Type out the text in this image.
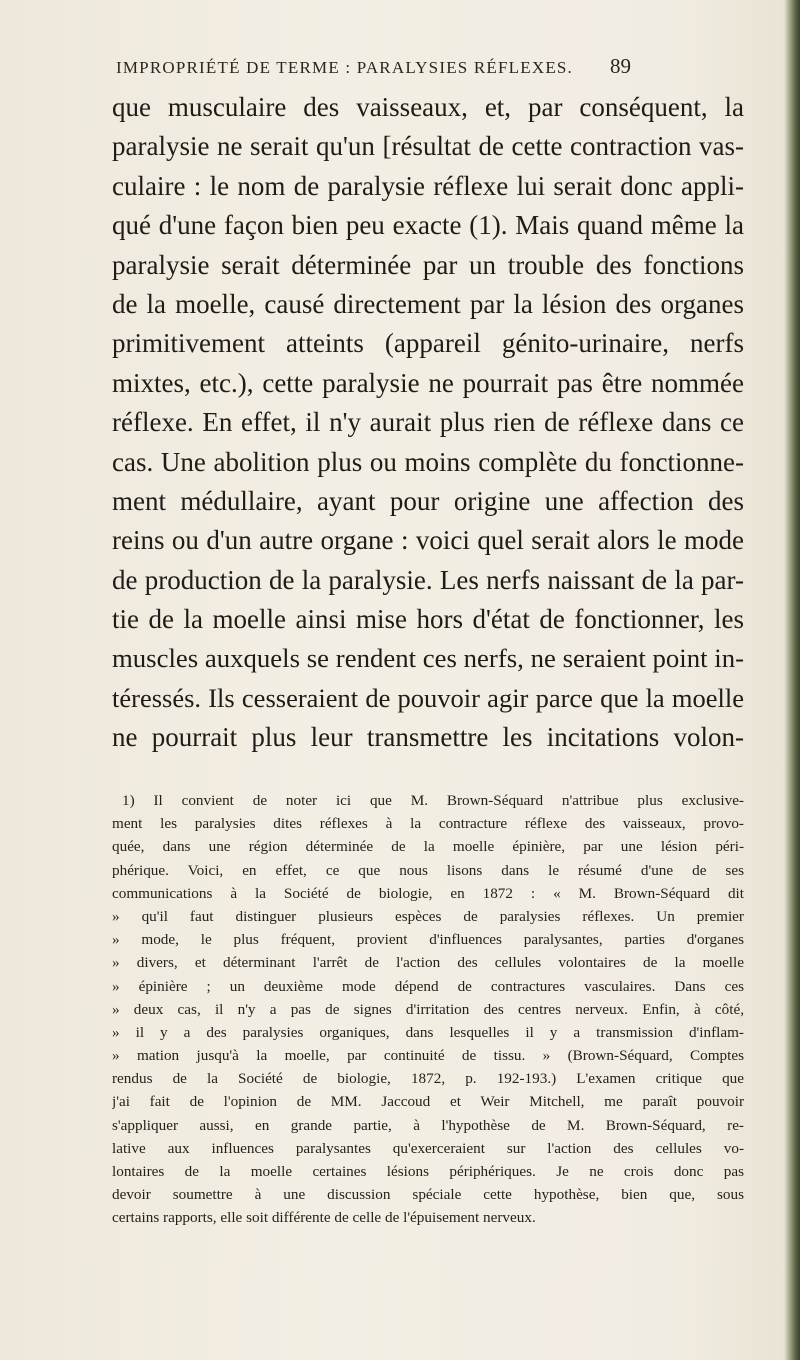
IMPROPRIÉTÉ DE TERME : PARALYSIES RÉFLEXES.	89
que musculaire des vaisseaux, et, par conséquent, la
paralysie ne serait qu'un [résultat de cette contraction vas-
culaire : le nom de paralysie réflexe lui serait donc appli-
qué d'une façon bien peu exacte (1). Mais quand même la
paralysie serait déterminée par un trouble des fonctions
de la moelle, causé directement par la lésion des organes
primitivement atteints (appareil génito-urinaire, nerfs
mixtes, etc.), cette paralysie ne pourrait pas être nommée
réflexe. En effet, il n'y aurait plus rien de réflexe dans ce
cas. Une abolition plus ou moins complète du fonctionne-
ment médullaire, ayant pour origine une affection des
reins ou d'un autre organe : voici quel serait alors le mode
de production de la paralysie. Les nerfs naissant de la par-
tie de la moelle ainsi mise hors d'état de fonctionner, les
muscles auxquels se rendent ces nerfs, ne seraient point in-
téressés. Ils cesseraient de pouvoir agir parce que la moelle
ne pourrait plus leur transmettre les incitations volon-
1) Il convient de noter ici que M. Brown-Séquard n'attribue plus exclusive-
ment les paralysies dites réflexes à la contracture réflexe des vaisseaux, provo-
quée, dans une région déterminée de la moelle épinière, par une lésion péri-
phérique. Voici, en effet, ce que nous lisons dans le résumé d'une de ses
communications à la Société de biologie, en 1872 : « M. Brown-Séquard dit
» qu'il faut distinguer plusieurs espèces de paralysies réflexes. Un premier
» mode, le plus fréquent, provient d'influences paralysantes, parties d'organes
» divers, et déterminant l'arrêt de l'action des cellules volontaires de la moelle
» épinière ; un deuxième mode dépend de contractures vasculaires. Dans ces
» deux cas, il n'y a pas de signes d'irritation des centres nerveux. Enfin, à côté,
» il y a des paralysies organiques, dans lesquelles il y a transmission d'inflam-
» mation jusqu'à la moelle, par continuité de tissu. » (Brown-Séquard, Comptes
rendus de la Société de biologie, 1872, p. 192-193.) L'examen critique que
j'ai fait de l'opinion de MM. Jaccoud et Weir Mitchell, me paraît pouvoir
s'appliquer aussi, en grande partie, à l'hypothèse de M. Brown-Séquard, re-
lative aux influences paralysantes qu'exerceraient sur l'action des cellules vo-
lontaires de la moelle certaines lésions périphériques. Je ne crois donc pas
devoir soumettre à une discussion spéciale cette hypothèse, bien que, sous
certains rapports, elle soit différente de celle de l'épuisement nerveux.
